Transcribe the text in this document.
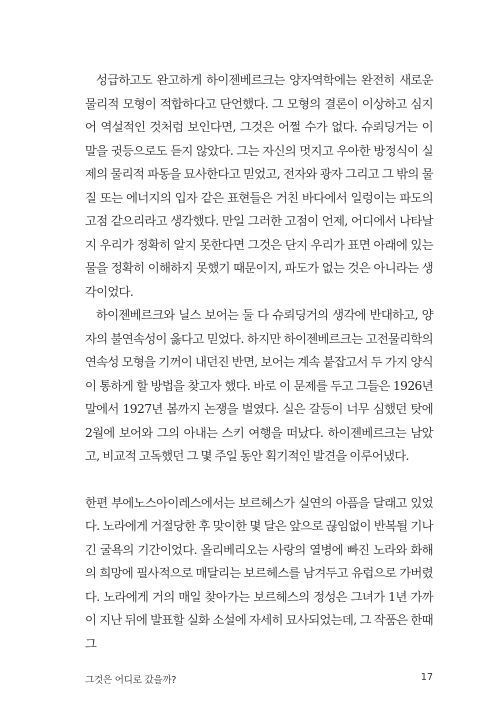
성급하고도 완고하게 하이젠베르크는 양자역학에는 완전히 새로운 물리적 모형이 적합하다고 단언했다. 그 모형의 결론이 이상하고 심지어 역설적인 것처럼 보인다면, 그것은 어쩔 수가 없다. 슈뢰딩거는 이 말을 귓등으로도 듣지 않았다. 그는 자신의 멋지고 우아한 방정식이 실제의 물리적 파동을 묘사한다고 믿었고, 전자와 광자 그리고 그 밖의 물질 또는 에너지의 입자 같은 표현들은 거친 바다에서 일렁이는 파도의 고점 같으리라고 생각했다. 만일 그러한 고점이 언제, 어디에서 나타날지 우리가 정확히 알지 못한다면 그것은 단지 우리가 표면 아래에 있는 물을 정확히 이해하지 못했기 때문이지, 파도가 없는 것은 아니라는 생각이었다.

하이젠베르크와 닐스 보어는 둘 다 슈뢰딩거의 생각에 반대하고, 양자의 불연속성이 옳다고 믿었다. 하지만 하이젠베르크는 고전물리학의 연속성 모형을 기꺼이 내던진 반면, 보어는 계속 붙잡고서 두 가지 양식이 통하게 할 방법을 찾고자 했다. 바로 이 문제를 두고 그들은 1926년 말에서 1927년 봄까지 논쟁을 벌였다. 실은 갈등이 너무 심했던 탓에 2월에 보어와 그의 아내는 스키 여행을 떠났다. 하이젠베르크는 남았고, 비교적 고독했던 그 몇 주일 동안 획기적인 발견을 이루어냈다.

한편 부에노스아이레스에서는 보르헤스가 실연의 아픔을 달래고 있었다. 노라에게 거절당한 후 맞이한 몇 달은 앞으로 끊임없이 반복될 기나긴 굴욕의 기간이었다. 올리베리오는 사랑의 열병에 빠진 노라와 화해의 희망에 필사적으로 매달리는 보르헤스를 남겨두고 유럽으로 가버렸다. 노라에게 거의 매일 찾아가는 보르헤스의 정성은 그녀가 1년 가까이 지난 뒤에 발표할 실화 소설에 자세히 묘사되었는데, 그 작품은 한때 그

그것은 어디로 갔을까?	17
